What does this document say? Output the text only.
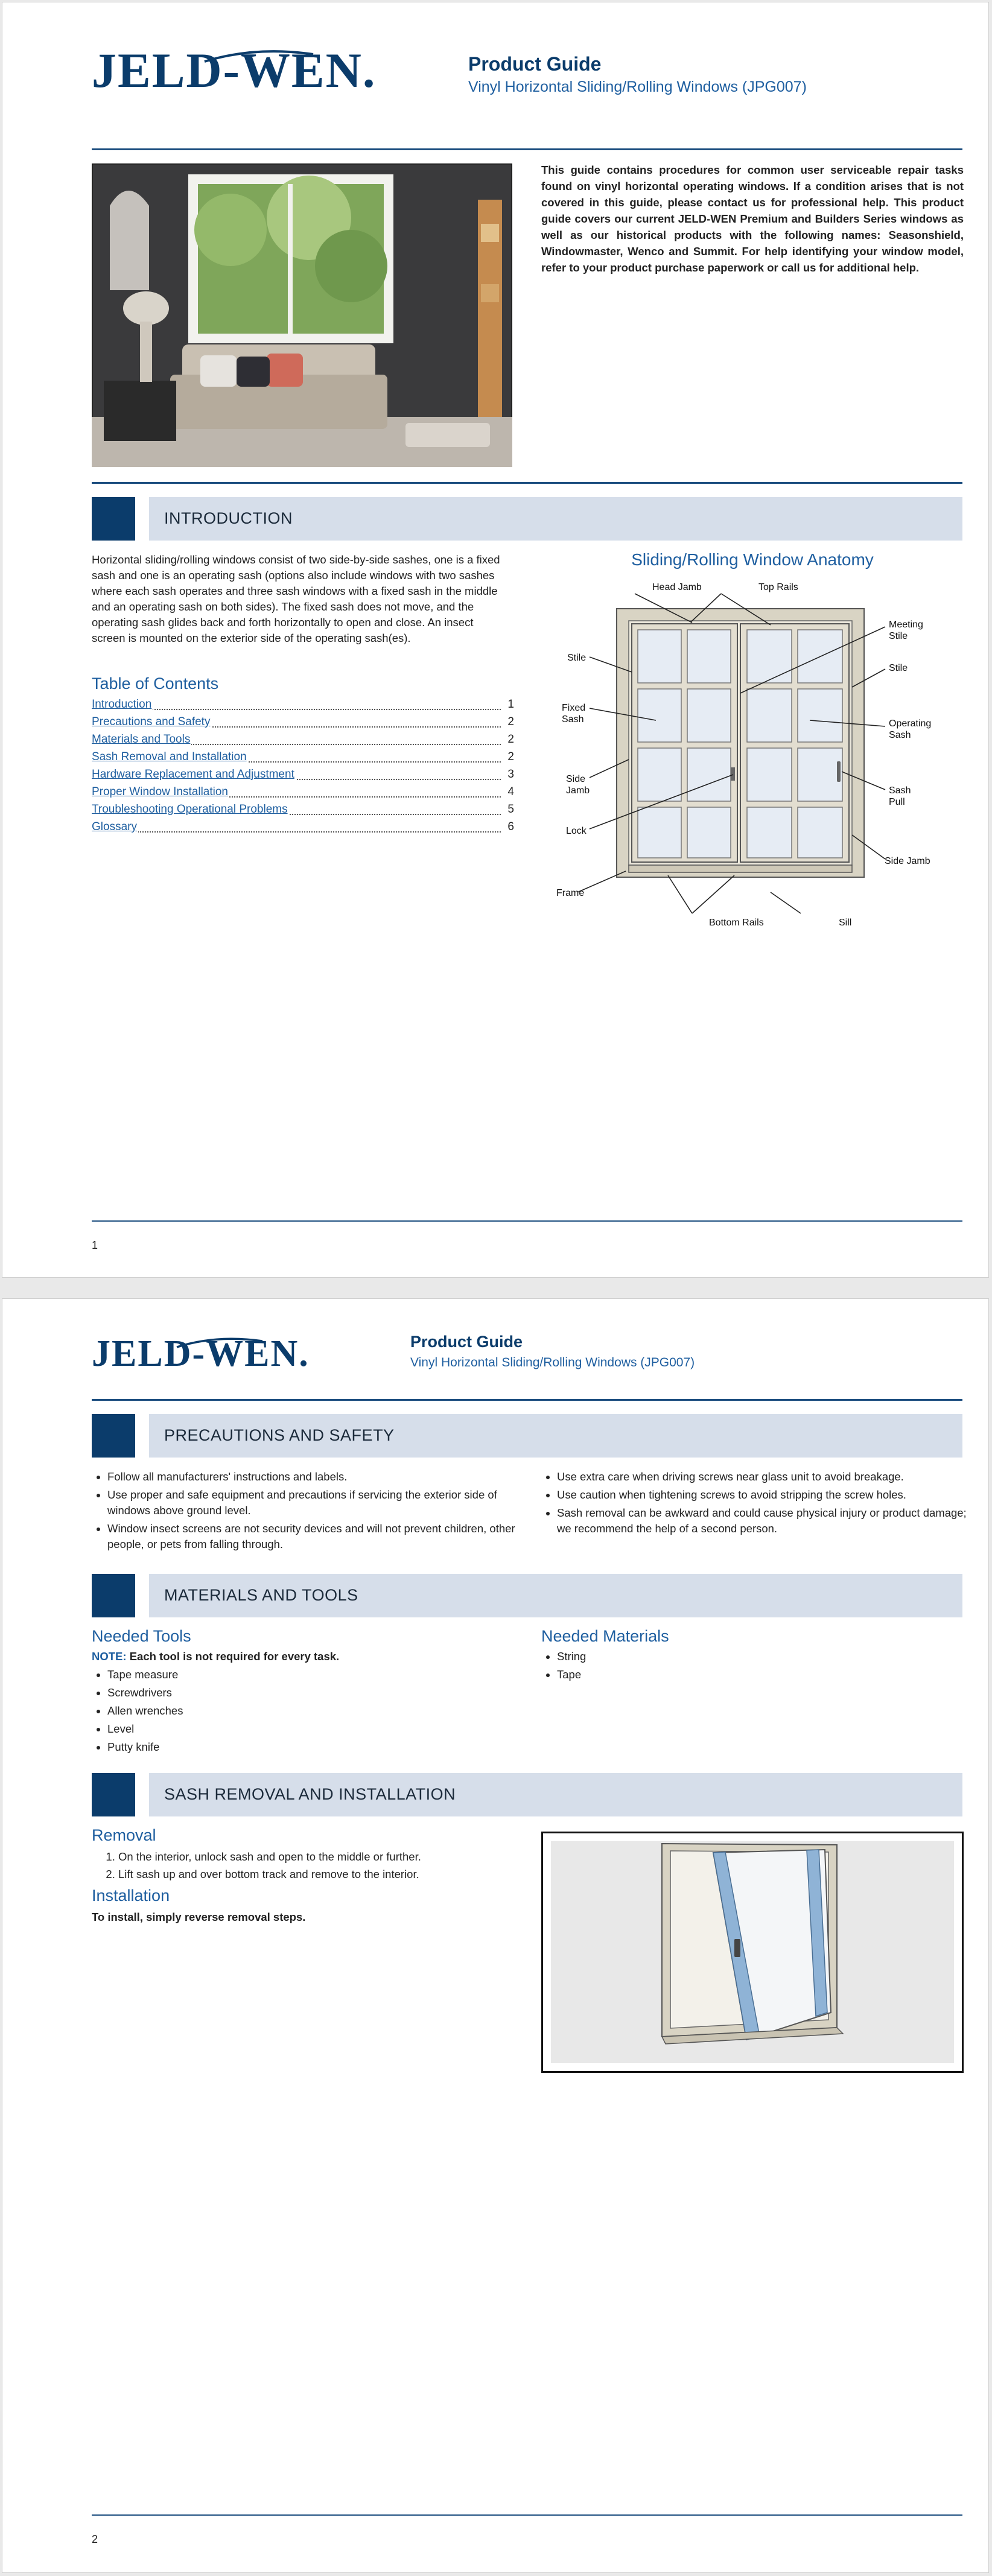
JELD-WEN.	Product Guide
Vinyl Horizontal Sliding/Rolling Windows (JPG007)
This guide contains procedures for common user serviceable repair tasks found on vinyl horizontal operating windows. If a condition arises that is not covered in this guide, please contact us for professional help. This product guide covers our current JELD-WEN Premium and Builders Series windows as well as our historical products with the following names: Seasonshield, Windowmaster, Wenco and Summit. For help identifying your window model, refer to your product purchase paperwork or call us for additional help.
INTRODUCTION
Horizontal sliding/rolling windows consist of two side-by-side sashes, one is a fixed sash and one is an operating sash (options also include windows with two sashes where each sash operates and three sash windows with a fixed sash in the middle and an operating sash on both sides). The fixed sash does not move, and the operating sash glides back and forth horizontally to open and close. An insect screen is mounted on the exterior side of the operating sash(es).
Table of Contents
Introduction	1
Precautions and Safety	2
Materials and Tools	2
Sash Removal and Installation	2
Hardware Replacement and Adjustment	3
Proper Window Installation	4
Troubleshooting Operational Problems	5
Glossary	6
Sliding/Rolling Window Anatomy
Head Jamb	Top Rails
Meeting Stile
Stile
Stile
Fixed Sash	Operating Sash
Side Jamb	Sash Pull
Lock
Side Jamb
Frame
Bottom Rails	Sill
1
JELD-WEN.	Product Guide
Vinyl Horizontal Sliding/Rolling Windows (JPG007)
PRECAUTIONS AND SAFETY
• Follow all manufacturers' instructions and labels.
• Use proper and safe equipment and precautions if servicing the exterior side of windows above ground level.
• Window insect screens are not security devices and will not prevent children, other people, or pets from falling through.
• Use extra care when driving screws near glass unit to avoid breakage.
• Use caution when tightening screws to avoid stripping the screw holes.
• Sash removal can be awkward and could cause physical injury or product damage; we recommend the help of a second person.
MATERIALS AND TOOLS
Needed Tools
NOTE: Each tool is not required for every task.
• Tape measure
• Screwdrivers
• Allen wrenches
• Level
• Putty knife
Needed Materials
• String
• Tape
SASH REMOVAL AND INSTALLATION
Removal
1. On the interior, unlock sash and open to the middle or further.
2. Lift sash up and over bottom track and remove to the interior.
Installation
To install, simply reverse removal steps.
2
